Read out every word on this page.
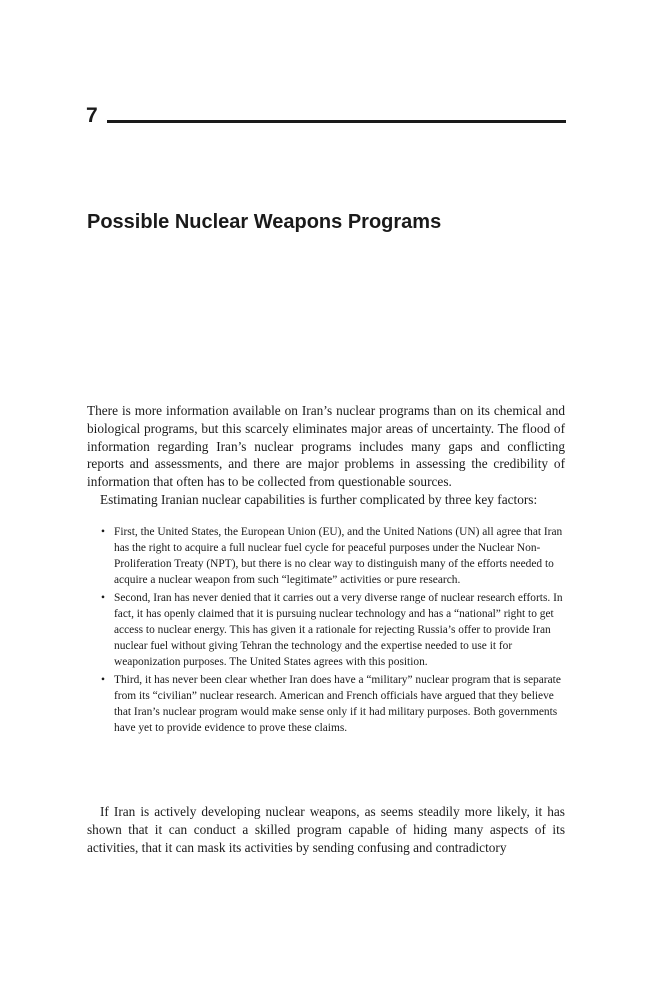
7
Possible Nuclear Weapons Programs

There is more information available on Iran’s nuclear programs than on its chemical and biological programs, but this scarcely eliminates major areas of uncertainty. The flood of information regarding Iran’s nuclear programs includes many gaps and conflicting reports and assessments, and there are major problems in assessing the credibility of information that often has to be collected from questionable sources.

Estimating Iranian nuclear capabilities is further complicated by three key factors:

• First, the United States, the European Union (EU), and the United Nations (UN) all agree that Iran has the right to acquire a full nuclear fuel cycle for peaceful purposes under the Nuclear Non-Proliferation Treaty (NPT), but there is no clear way to distinguish many of the efforts needed to acquire a nuclear weapon from such “legitimate” activities or pure research.
• Second, Iran has never denied that it carries out a very diverse range of nuclear research efforts. In fact, it has openly claimed that it is pursuing nuclear technology and has a “national” right to get access to nuclear energy. This has given it a rationale for rejecting Russia’s offer to provide Iran nuclear fuel without giving Tehran the technology and the expertise needed to use it for weaponization purposes. The United States agrees with this position.
• Third, it has never been clear whether Iran does have a “military” nuclear program that is separate from its “civilian” nuclear research. American and French officials have argued that they believe that Iran’s nuclear program would make sense only if it had military purposes. Both governments have yet to provide evidence to prove these claims.

If Iran is actively developing nuclear weapons, as seems steadily more likely, it has shown that it can conduct a skilled program capable of hiding many aspects of its activities, that it can mask its activities by sending confusing and contradictory
